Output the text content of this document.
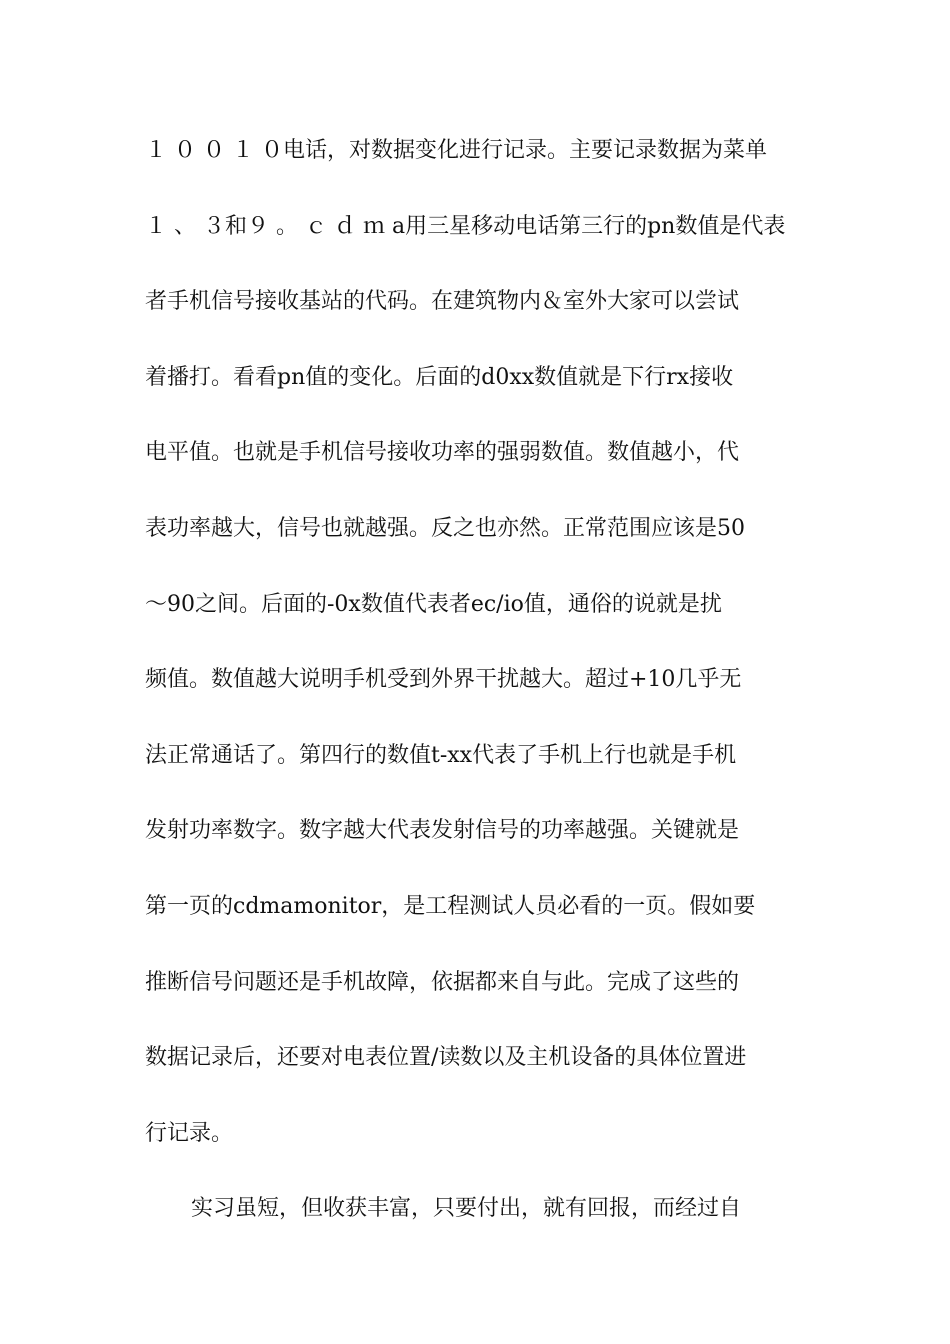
１ ０ ０ １ ０电话，对数据变化进行记录。主要记录数据为菜单
１ 、 ３和９ 。 ｃ ｄ ｍ a用三星移动电话第三行的pn数值是代表
者手机信号接收基站的代码。在建筑物内＆室外大家可以尝试
着播打。看看pn值的变化。后面的d0xx数值就是下行rx接收
电平值。也就是手机信号接收功率的强弱数值。数值越小，代
表功率越大，信号也就越强。反之也亦然。正常范围应该是50
～90之间。后面的-0x数值代表者ec/io值，通俗的说就是扰
频值。数值越大说明手机受到外界干扰越大。超过+10几乎无
法正常通话了。第四行的数值t-xx代表了手机上行也就是手机
发射功率数字。数字越大代表发射信号的功率越强。关键就是
第一页的cdmamonitor，是工程测试人员必看的一页。假如要
推断信号问题还是手机故障，依据都来自与此。完成了这些的
数据记录后，还要对电表位置/读数以及主机设备的具体位置进
行记录。
实习虽短，但收获丰富，只要付出，就有回报，而经过自
